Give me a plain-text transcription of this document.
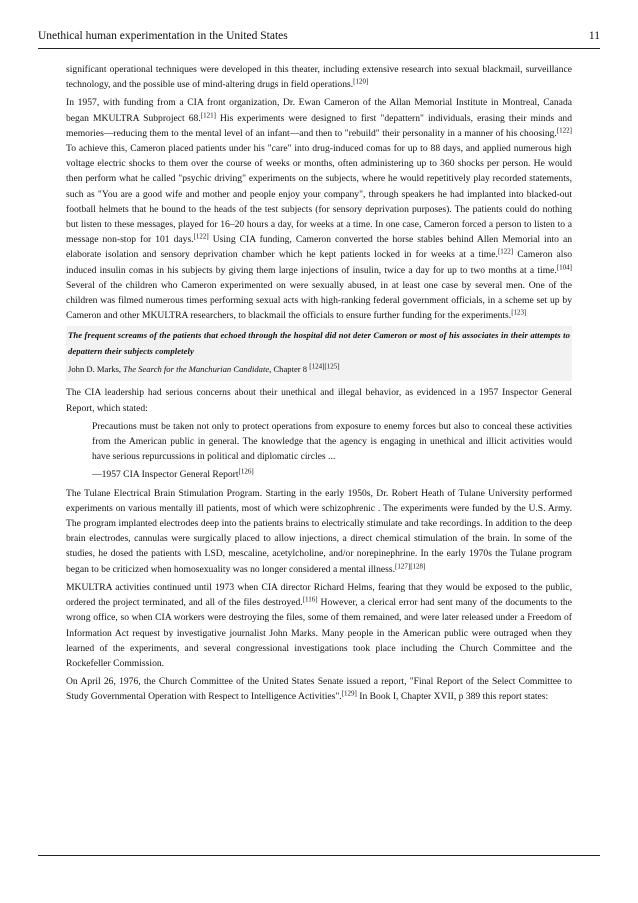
Unethical human experimentation in the United States	11

significant operational techniques were developed in this theater, including extensive research into sexual blackmail, surveillance technology, and the possible use of mind-altering drugs in field operations.[120]

In 1957, with funding from a CIA front organization, Dr. Ewan Cameron of the Allan Memorial Institute in Montreal, Canada began MKULTRA Subproject 68.[121] His experiments were designed to first "depattern" individuals, erasing their minds and memories—reducing them to the mental level of an infant—and then to "rebuild" their personality in a manner of his choosing.[122] To achieve this, Cameron placed patients under his "care" into drug-induced comas for up to 88 days, and applied numerous high voltage electric shocks to them over the course of weeks or months, often administering up to 360 shocks per person. He would then perform what he called "psychic driving" experiments on the subjects, where he would repetitively play recorded statements, such as "You are a good wife and mother and people enjoy your company", through speakers he had implanted into blacked-out football helmets that he bound to the heads of the test subjects (for sensory deprivation purposes). The patients could do nothing but listen to these messages, played for 16–20 hours a day, for weeks at a time. In one case, Cameron forced a person to listen to a message non-stop for 101 days.[122] Using CIA funding, Cameron converted the horse stables behind Allen Memorial into an elaborate isolation and sensory deprivation chamber which he kept patients locked in for weeks at a time.[122] Cameron also induced insulin comas in his subjects by giving them large injections of insulin, twice a day for up to two months at a time.[104] Several of the children who Cameron experimented on were sexually abused, in at least one case by several men. One of the children was filmed numerous times performing sexual acts with high-ranking federal government officials, in a scheme set up by Cameron and other MKULTRA researchers, to blackmail the officials to ensure further funding for the experiments.[123]

The frequent screams of the patients that echoed through the hospital did not deter Cameron or most of his associates in their attempts to depattern their subjects completely

John D. Marks, The Search for the Manchurian Candidate, Chapter 8 [124][125]

The CIA leadership had serious concerns about their unethical and illegal behavior, as evidenced in a 1957 Inspector General Report, which stated:

Precautions must be taken not only to protect operations from exposure to enemy forces but also to conceal these activities from the American public in general. The knowledge that the agency is engaging in unethical and illicit activities would have serious repurcussions in political and diplomatic circles ...

—1957 CIA Inspector General Report[126]

The Tulane Electrical Brain Stimulation Program. Starting in the early 1950s, Dr. Robert Heath of Tulane University performed experiments on various mentally ill patients, most of which were schizophrenic . The experiments were funded by the U.S. Army. The program implanted electrodes deep into the patients brains to electrically stimulate and take recordings. In addition to the deep brain electrodes, cannulas were surgically placed to allow injections, a direct chemical stimulation of the brain. In some of the studies, he dosed the patients with LSD, mescaline, acetylcholine, and/or norepinephrine. In the early 1970s the Tulane program began to be criticized when homosexuality was no longer considered a mental illness.[127][128]

MKULTRA activities continued until 1973 when CIA director Richard Helms, fearing that they would be exposed to the public, ordered the project terminated, and all of the files destroyed.[116] However, a clerical error had sent many of the documents to the wrong office, so when CIA workers were destroying the files, some of them remained, and were later released under a Freedom of Information Act request by investigative journalist John Marks. Many people in the American public were outraged when they learned of the experiments, and several congressional investigations took place including the Church Committee and the Rockefeller Commission.

On April 26, 1976, the Church Committee of the United States Senate issued a report, "Final Report of the Select Committee to Study Governmental Operation with Respect to Intelligence Activities".[129] In Book I, Chapter XVII, p 389 this report states:
